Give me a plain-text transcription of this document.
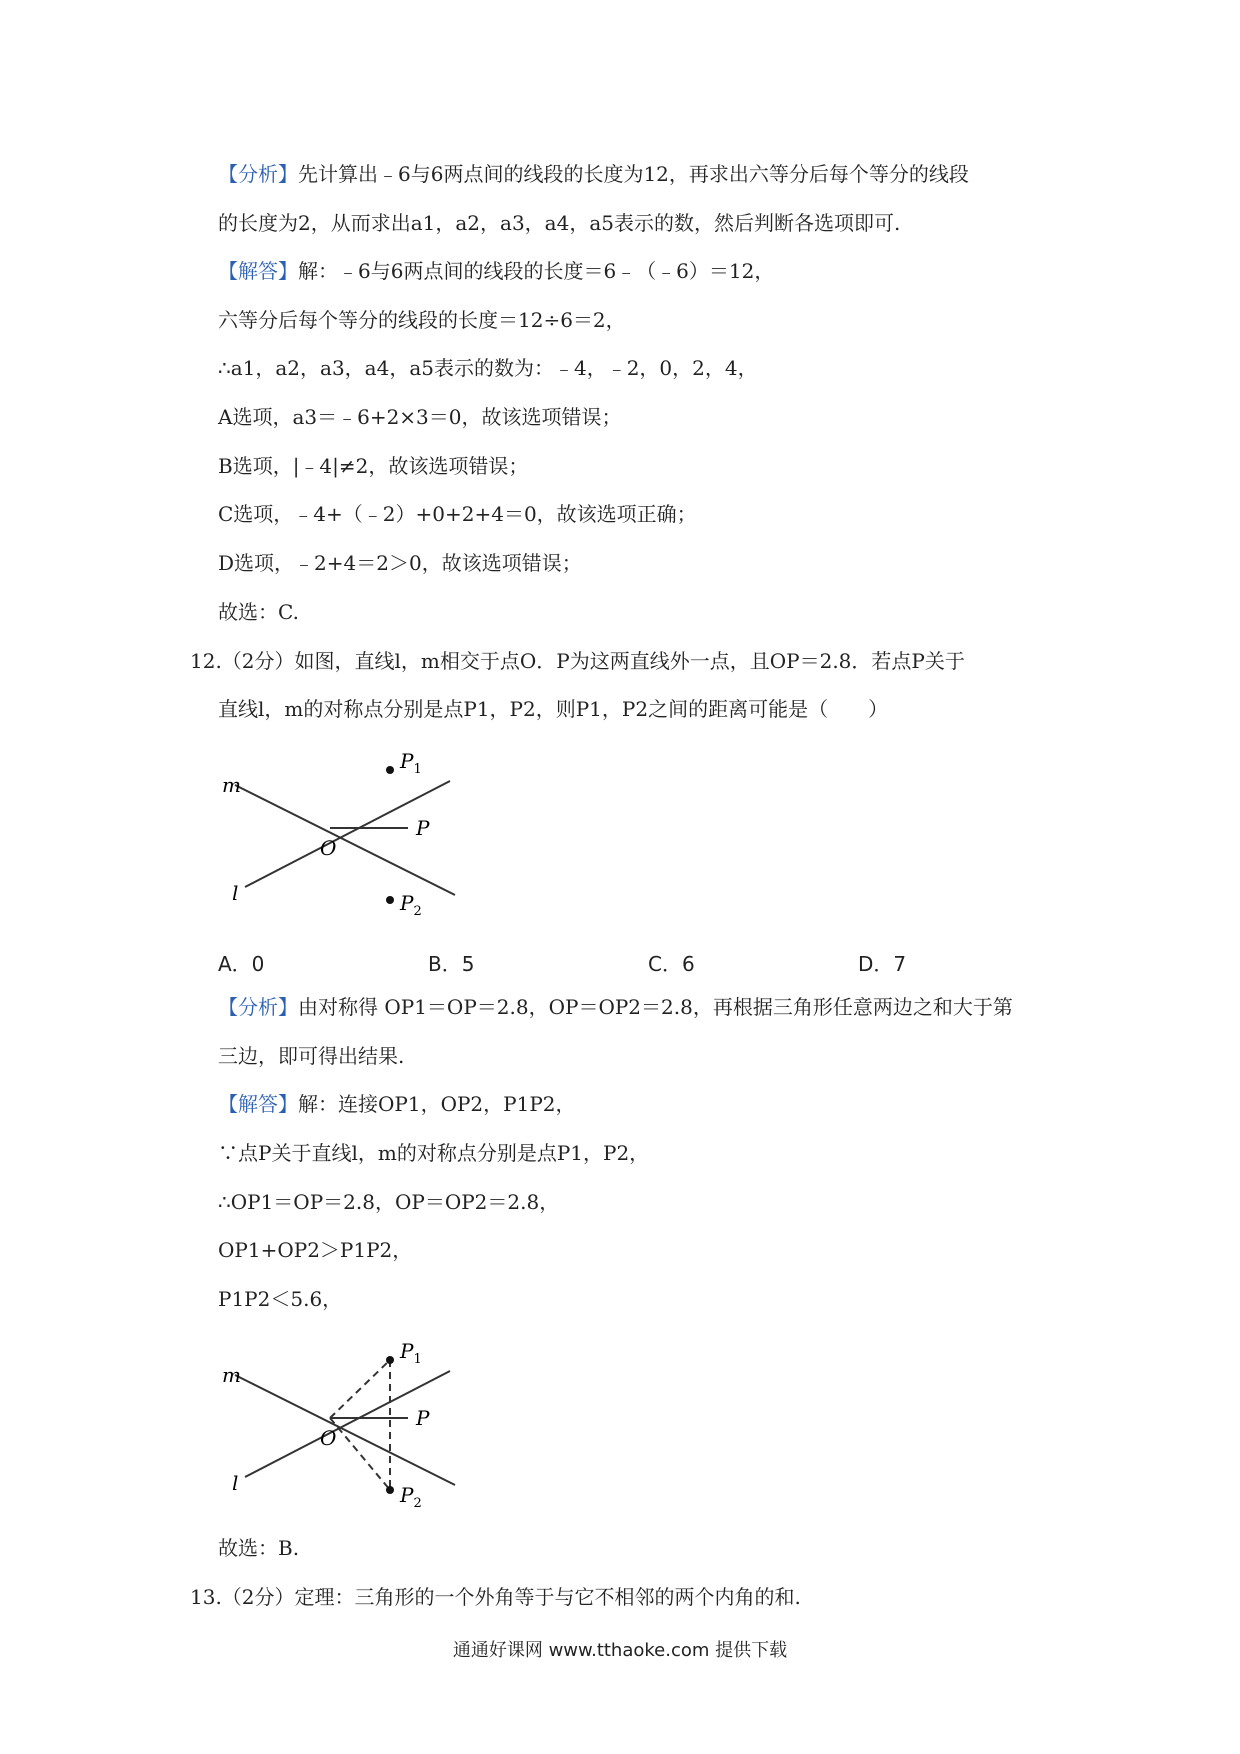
【分析】先计算出﹣6与6两点间的线段的长度为12，再求出六等分后每个等分的线段
的长度为2，从而求出a1，a2，a3，a4，a5表示的数，然后判断各选项即可.
【解答】解：﹣6与6两点间的线段的长度＝6﹣（﹣6）＝12，
六等分后每个等分的线段的长度＝12÷6＝2，
∴a1，a2，a3，a4，a5表示的数为：﹣4，﹣2，0，2，4，
A选项，a3＝﹣6+2×3＝0，故该选项错误；
B选项，|﹣4|≠2，故该选项错误；
C选项，﹣4+（﹣2）+0+2+4＝0，故该选项正确；
D选项，﹣2+4＝2＞0，故该选项错误；
故选：C.
12.（2分）如图，直线l，m相交于点O．P为这两直线外一点，且OP＝2.8．若点P关于
直线l，m的对称点分别是点P1，P2，则P1，P2之间的距离可能是（　　）
m
l
O
P
$P_1$
$P_2$
A．0	B．5	C．6	D．7
【分析】由对称得 OP1＝OP＝2.8，OP＝OP2＝2.8，再根据三角形任意两边之和大于第
三边，即可得出结果.
【解答】解：连接OP1，OP2，P1P2，
∵点P关于直线l，m的对称点分别是点P1，P2，
∴OP1＝OP＝2.8，OP＝OP2＝2.8，
OP1+OP2＞P1P2，
P1P2＜5.6，
m
l
O
P
$P_1$
$P_2$
故选：B.
13.（2分）定理：三角形的一个外角等于与它不相邻的两个内角的和.
通通好课网 www.tthaoke.com 提供下载
